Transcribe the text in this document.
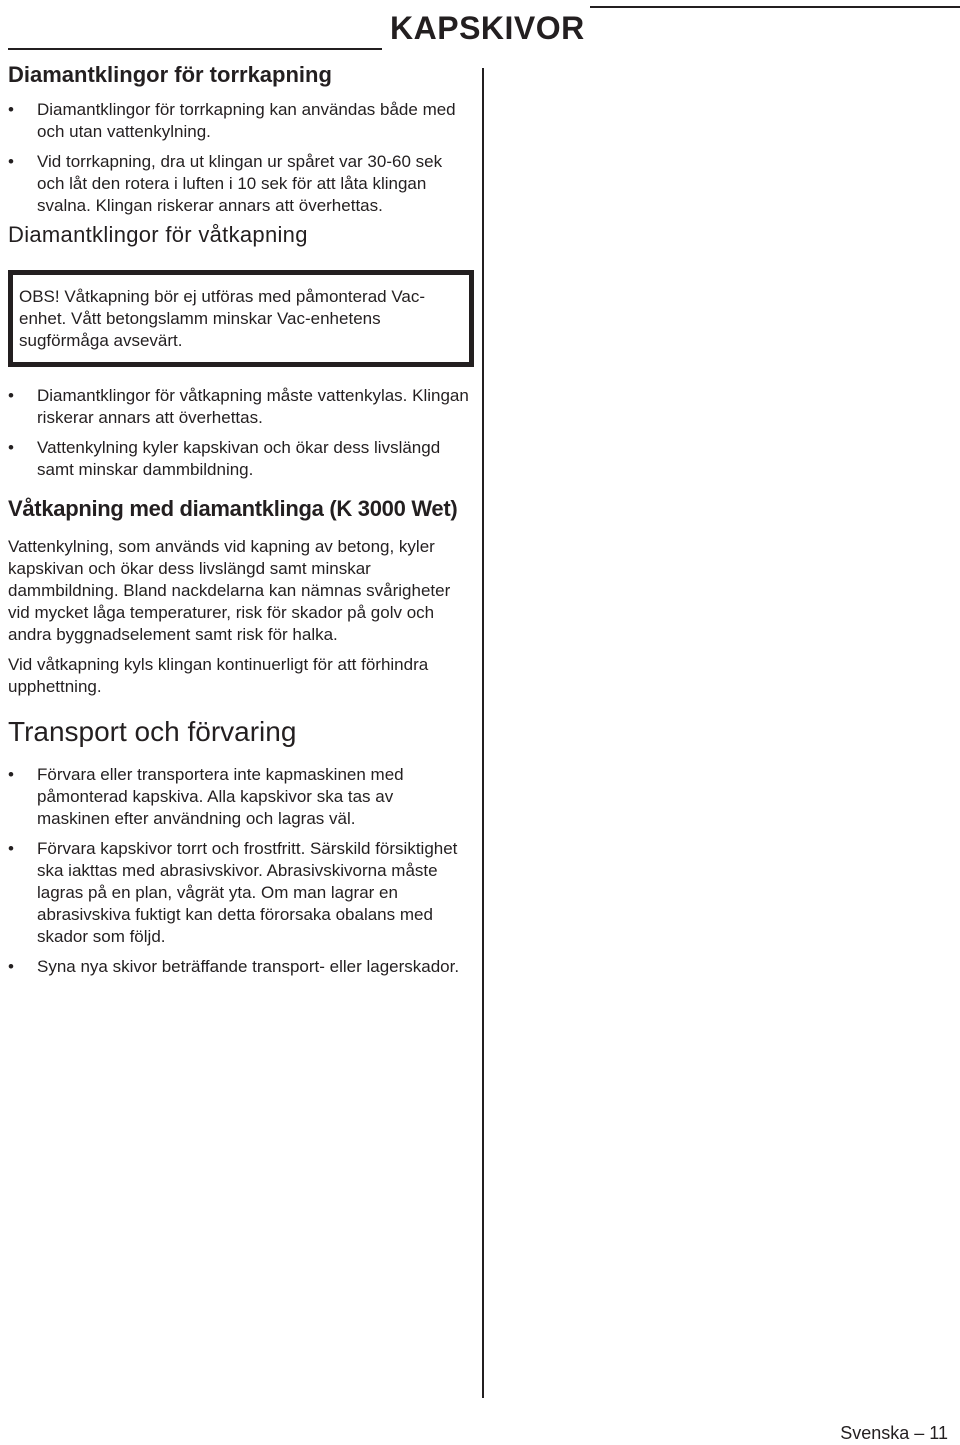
KAPSKIVOR
Diamantklingor för torrkapning
• Diamantklingor för torrkapning kan användas både med och utan vattenkylning.
• Vid torrkapning, dra ut klingan ur spåret var 30-60 sek och låt den rotera i luften i 10 sek för att låta klingan svalna. Klingan riskerar annars att överhettas.
Diamantklingor för våtkapning
OBS! Våtkapning bör ej utföras med påmonterad Vac-enhet. Vått betongslamm minskar Vac-enhetens sugförmåga avsevärt.
• Diamantklingor för våtkapning måste vattenkylas. Klingan riskerar annars att överhettas.
• Vattenkylning kyler kapskivan och ökar dess livslängd samt minskar dammbildning.
Våtkapning med diamantklinga (K 3000 Wet)

Vattenkylning, som används vid kapning av betong, kyler kapskivan och ökar dess livslängd samt minskar dammbildning. Bland nackdelarna kan nämnas svårigheter vid mycket låga temperaturer, risk för skador på golv och andra byggnadselement samt risk för halka.

Vid våtkapning kyls klingan kontinuerligt för att förhindra upphettning.

Transport och förvaring
• Förvara eller transportera inte kapmaskinen med påmonterad kapskiva. Alla kapskivor ska tas av maskinen efter användning och lagras väl.
• Förvara kapskivor torrt och frostfritt. Särskild försiktighet ska iakttas med abrasivskivor. Abrasivskivorna måste lagras på en plan, vågrät yta. Om man lagrar en abrasivskiva fuktigt kan detta förorsaka obalans med skador som följd.
• Syna nya skivor beträffande transport- eller lagerskador.
Svenska – 11
